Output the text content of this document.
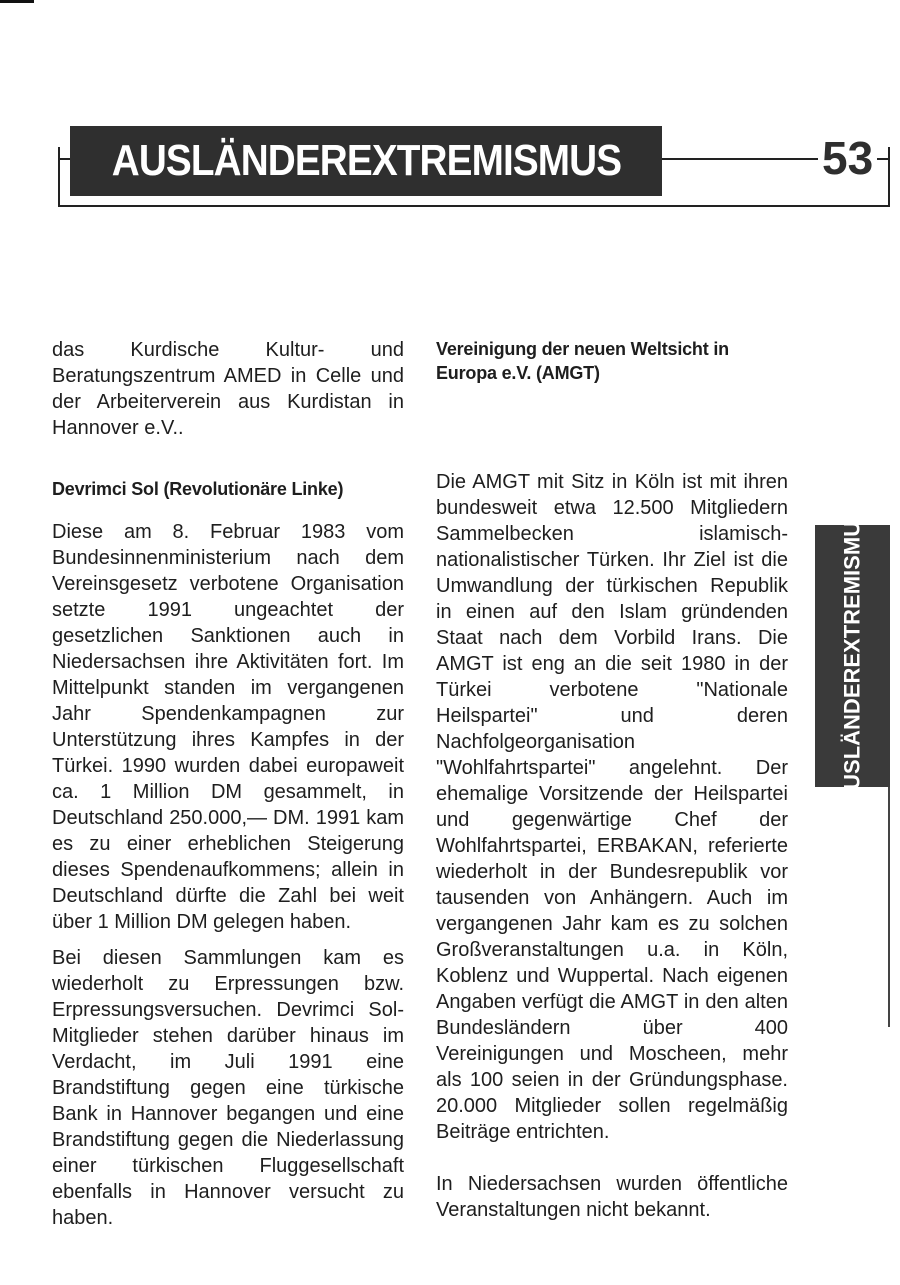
AUSLÄNDEREXTREMISMUS	53
AUSLÄNDEREXTREMISMUS

das Kurdische Kultur- und Beratungszentrum AMED in Celle und der Arbeiterverein aus Kurdistan in Hannover e.V..

Devrimci Sol (Revolutionäre Linke)

Diese am 8. Februar 1983 vom Bundesinnenministerium nach dem Vereinsgesetz verbotene Organisation setzte 1991 ungeachtet der gesetzlichen Sanktionen auch in Niedersachsen ihre Aktivitäten fort. Im Mittelpunkt standen im vergangenen Jahr Spendenkampagnen zur Unterstützung ihres Kampfes in der Türkei. 1990 wurden dabei europaweit ca. 1 Million DM gesammelt, in Deutschland 250.000,— DM. 1991 kam es zu einer erheblichen Steigerung dieses Spendenaufkommens; allein in Deutschland dürfte die Zahl bei weit über 1 Million DM gelegen haben.

Bei diesen Sammlungen kam es wiederholt zu Erpressungen bzw. Erpressungsversuchen. Devrimci Sol-Mitglieder stehen darüber hinaus im Verdacht, im Juli 1991 eine Brandstiftung gegen eine türkische Bank in Hannover begangen und eine Brandstiftung gegen die Niederlassung einer türkischen Fluggesellschaft ebenfalls in Hannover versucht zu haben.

Vereinigung der neuen Weltsicht in Europa e.V. (AMGT)

Die AMGT mit Sitz in Köln ist mit ihren bundesweit etwa 12.500 Mitgliedern Sammelbecken islamisch-nationalistischer Türken. Ihr Ziel ist die Umwandlung der türkischen Republik in einen auf den Islam gründenden Staat nach dem Vorbild Irans. Die AMGT ist eng an die seit 1980 in der Türkei verbotene "Nationale Heilspartei" und deren Nachfolgeorganisation "Wohlfahrtspartei" angelehnt. Der ehemalige Vorsitzende der Heilspartei und gegenwärtige Chef der Wohlfahrtspartei, ERBAKAN, referierte wiederholt in der Bundesrepublik vor tausenden von Anhängern. Auch im vergangenen Jahr kam es zu solchen Großveranstaltungen u.a. in Köln, Koblenz und Wuppertal. Nach eigenen Angaben verfügt die AMGT in den alten Bundesländern über 400 Vereinigungen und Moscheen, mehr als 100 seien in der Gründungsphase. 20.000 Mitglieder sollen regelmäßig Beiträge entrichten.

In Niedersachsen wurden öffentliche Veranstaltungen nicht bekannt.
